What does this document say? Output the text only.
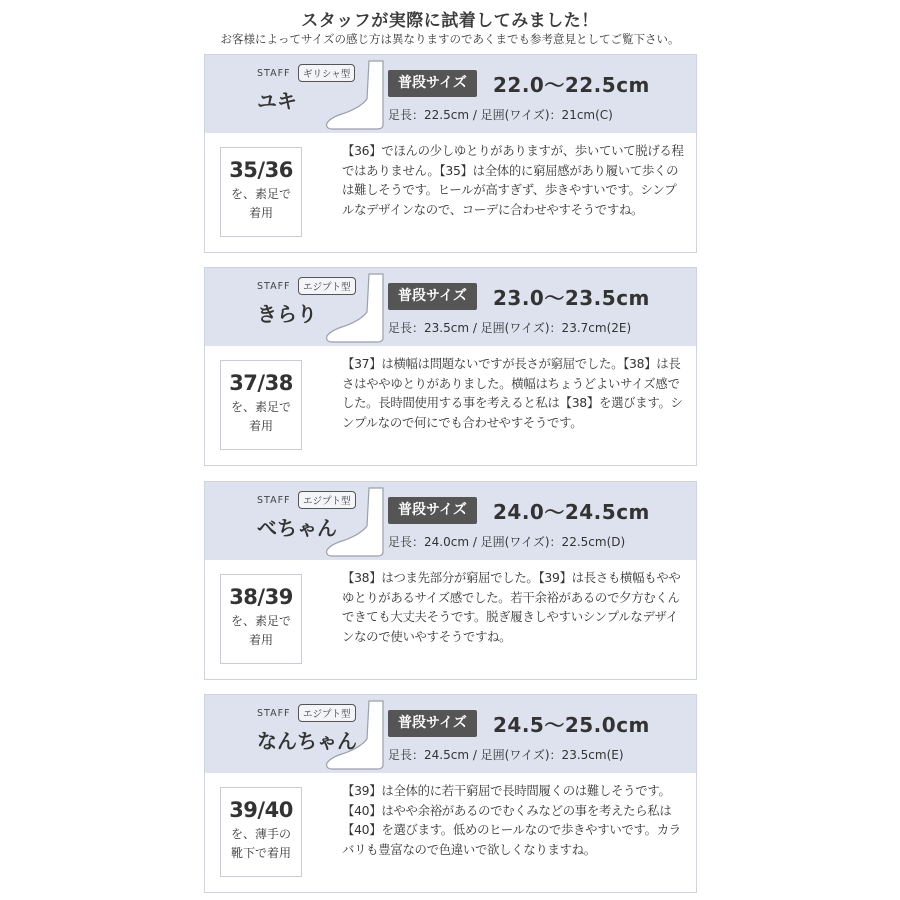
スタッフが実際に試着してみました！
お客様によってサイズの感じ方は異なりますのであくまでも参考意見としてご覧下さい。
STAFF	ギリシャ型
ユキ
普段サイズ	22.0～22.5cm
足長：22.5cm / 足囲(ワイズ)：21cm(C)
35/36
を、素足で
着用
【36】でほんの少しゆとりがありますが、歩いていて脱げる程ではありません。【35】は全体的に窮屈感があり履いて歩くのは難しそうです。ヒールが高すぎず、歩きやすいです。シンプルなデザインなので、コーデに合わせやすそうですね。
STAFF	エジプト型
きらり
普段サイズ	23.0～23.5cm
足長：23.5cm / 足囲(ワイズ)：23.7cm(2E)
37/38
を、素足で
着用
【37】は横幅は問題ないですが長さが窮屈でした。【38】は長さはややゆとりがありました。横幅はちょうどよいサイズ感でした。長時間使用する事を考えると私は【38】を選びます。シンプルなので何にでも合わせやすそうです。
STAFF	エジプト型
べちゃん
普段サイズ	24.0～24.5cm
足長：24.0cm / 足囲(ワイズ)：22.5cm(D)
38/39
を、素足で
着用
【38】はつま先部分が窮屈でした。【39】は長さも横幅もややゆとりがあるサイズ感でした。若干余裕があるので夕方むくんできても大丈夫そうです。脱ぎ履きしやすいシンプルなデザインなので使いやすそうですね。
STAFF	エジプト型
なんちゃん
普段サイズ	24.5～25.0cm
足長：24.5cm / 足囲(ワイズ)：23.5cm(E)
39/40
を、薄手の
靴下で着用
【39】は全体的に若干窮屈で長時間履くのは難しそうです。【40】はやや余裕があるのでむくみなどの事を考えたら私は【40】を選びます。低めのヒールなので歩きやすいです。カラバリも豊富なので色違いで欲しくなりますね。
